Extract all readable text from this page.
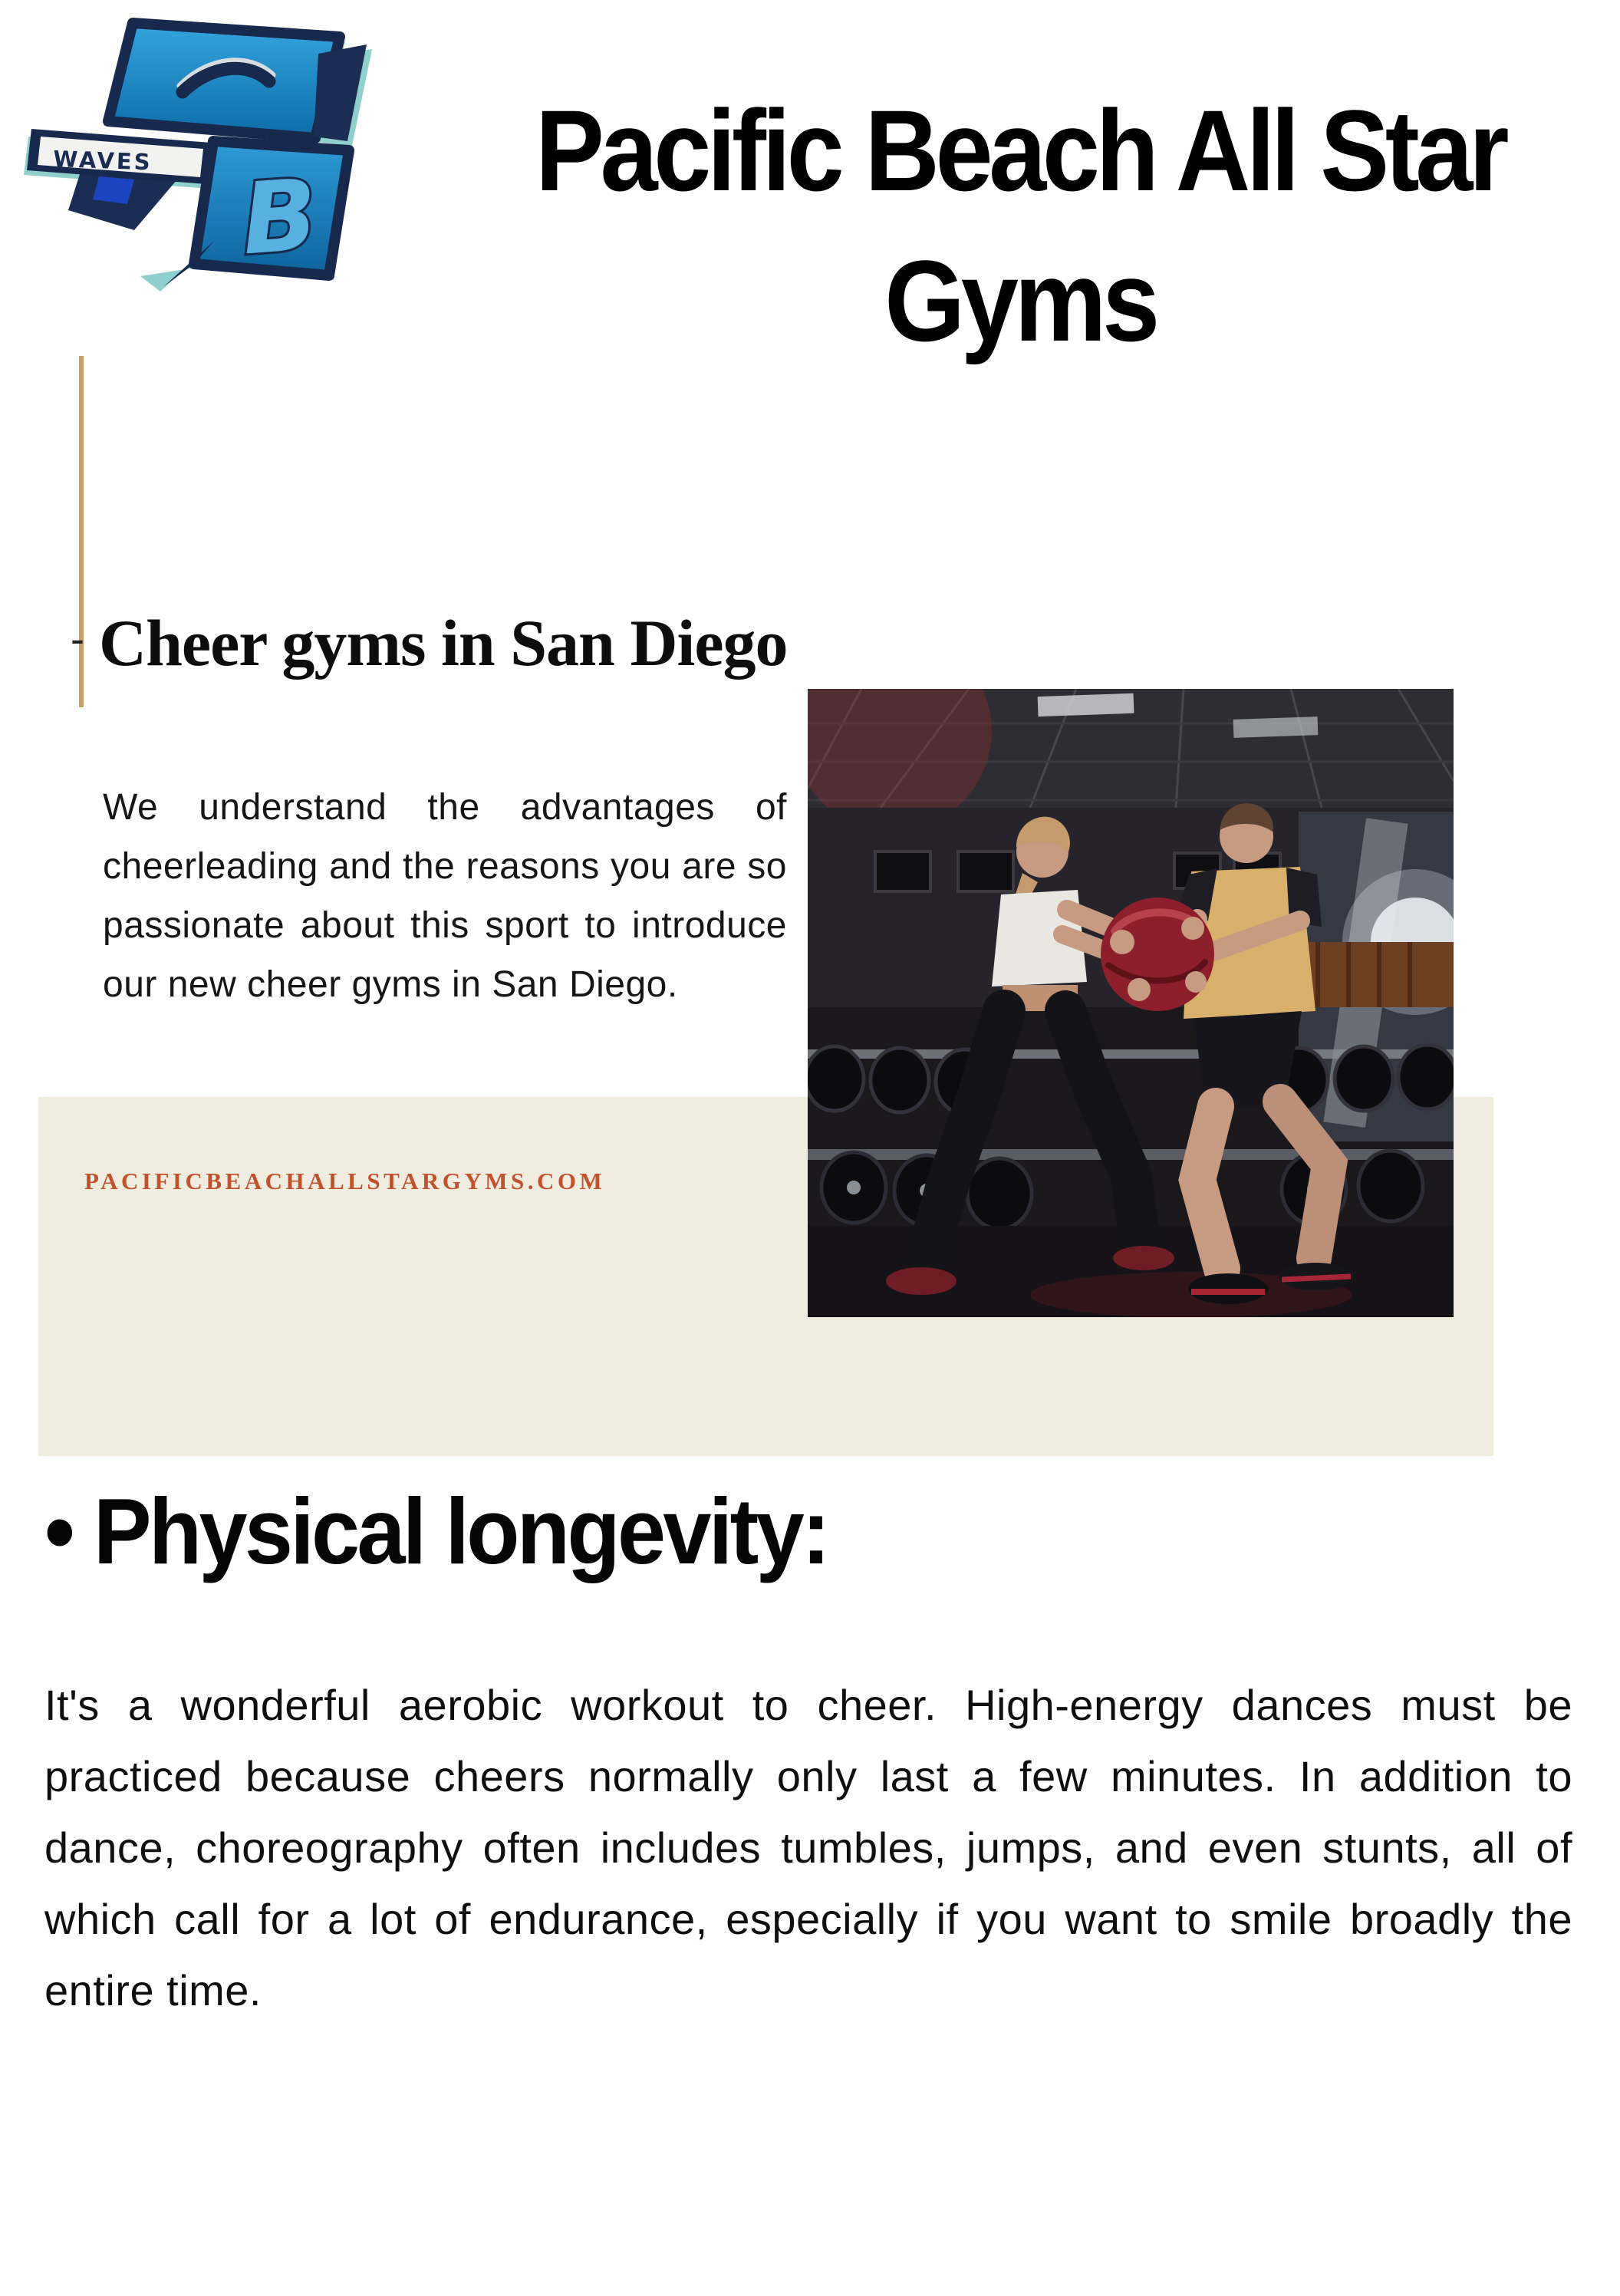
B
WAVES	Pacific Beach All Star
Gyms
- Cheer gyms in San Diego

We understand the advantages of cheerleading and the reasons you are so passionate about this sport to introduce our new cheer gyms in San Diego.

PACIFICBEACHALLSTARGYMS.COM
• Physical longevity:

It's a wonderful aerobic workout to cheer. High-energy dances must be practiced because cheers normally only last a few minutes. In addition to dance, choreography often includes tumbles, jumps, and even stunts, all of which call for a lot of endurance, especially if you want to smile broadly the entire time.
